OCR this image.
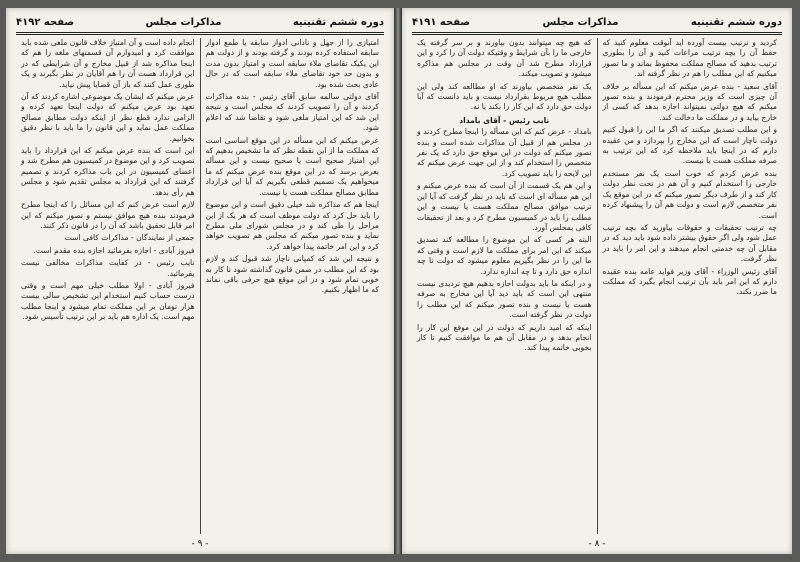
دوره ششم تقنينيه
مذاكرات مجلس
صفحه ۴۱۹۲
امتيازی را از جهل و نادانی ادوار سابقه یا طمع ادوار سابقه استفاده کرده بودند و گرفته بودند و از دولت هم این یکیک تقاضای ملاء سابقه است و امتیاز بدون مدت و بدون حد خود تقاضای ملاء سابقه است که در حال عادی بحث شده بود.
آقای دولتی سالمه سابق آقای رئیس - بنده مذاکرات کردند و آن را تصویب کردند که مجلس است و نتیجه این شد که این امتیاز ملغی شود و تقاضا شد که اعلام شود.
عرض میکنم که این مسأله در این موقع اساسی است که مملکت ما از این نقطه نظر که ما تشخیص بدهیم که این امتیاز صحیح است یا صحیح نیست و این مسأله بعرض برسد که در این موقع بنده عرض میکنم که ما میخواهیم یک تصمیم قطعی بگیریم که آیا این قرارداد مطابق مصالح مملکت هست یا نیست.
اینجا هم که مذاکره شد خیلی دقیق است و این موضوع را باید حل کرد که دولت موظف است که هر یک از این مراحل را طی کند و در مجلس شورای ملی مطرح نماید و بنده تصور میکنم که مجلس هم تصویب خواهد کرد و این امر خاتمه پیدا خواهد کرد.
و نتیجه این شد که کمپانی ناچار شد قبول کند و لازم بود که این مطلب در ضمن قانون گذاشته شود تا کار به خوبی تمام شود و در این موقع هیچ حرفی باقی نماند که ما اظهار بکنیم.
انجام داده است و آن امتیاز خلاف قانون ملغی شده باید موافقت کرد و امیدوارم آن قسمتهای ملغه را هم که اینجا مذاکره شد از قبیل مخارج و آن شرایطی که در این قرارداد هست آن را هم آقایان در نظر بگیرند و یک طوری عمل کنند که باز آن قضایا پیش نیاید.
عرض میکنم که ایشان یک موضوعی اشاره کردند که آن تعهد بود عرض میکنم که دولت اینجا تعهد کرده و الزامی ندارد قطع نظر از اینکه دولت مطابق مصالح مملکت عمل نماید و این قانون را ما باید با نظر دقیق بخوانیم.
این است که بنده عرض میکنم که این قرارداد را باید تصویب کرد و این موضوع در کمیسیون هم مطرح شد و اعضای کمیسیون در این باب مذاکره کردند و تصمیم گرفتند که این قرارداد به مجلس تقدیم شود و مجلس هم رأی بدهد.
لازم است عرض کنم که این مسائل را که اینجا مطرح فرمودند بنده هیچ موافق نیستم و تصور میکنم که این امر قابل تحقیق باشد که آن را در قانون ذکر کنند.
جمعی از نمایندگان - مذاکرات کافی است
فیروز آبادی - اجازه بفرمائید اجازه بنده مقدم است.
نایب رئیس - در کفایت مذاکرات مخالفی نیست بفرمائید.
فیروز آبادی - اولا مطلب خیلی مهم است و وقتی درست حساب کنیم استخدام این تشخیص سالی بیست هزار تومان بر این مملکت تمام میشود و اینجا مطلب مهم است. یک اداره هم باید بر این ترتیب تأسیس شود.
- ۹ -
دوره ششم تقنينيه
مذاكرات مجلس
صفحه ۴۱۹۱
کردید و ترتیب بیست آورده اید آنوقت معلوم کنید که حفظ آن را بچه ترتیب مراعات کنید و آن را بطوری ترتیب بدهید که مصالح مملکت محفوظ بماند و ما تصور میکنیم که این مطلب را هم در نظر گرفته اند.
آقای سعید - بنده عرض میکنم که این مسأله بر خلاف آن چیزی است که وزیر محترم فرمودند و بنده تصور میکنم که هیچ دولتی نمیتواند اجازه بدهد که کسی از خارج بیاید و در مملکت ما دخالت کند.
و این مطلب تصدیق میکنند که اگر ما این را قبول کنیم دولت ناچار است که این مخارج را بپردازد و من عقیده دارم که در اینجا باید ملاحظه کرد که این ترتیب به صرفه مملکت هست یا نیست.
بنده عرض کردم که خوب است یک نفر مستخدم خارجی را استخدام کنیم و آن هم در تحت نظر دولت کار کند و از طرف دیگر تصور میکنم که در این موقع یک نفر متخصص لازم است و دولت هم آن را پیشنهاد کرده است.
چه ترتیب تحقیقات و حقوقات بیاورید که بچه ترتیب عمل شود ولی اگر حقوق بیشتر داده شود باید دید که در مقابل آن چه خدمتی انجام میدهند و این امر را باید در نظر گرفت.
آقای رئیس الوزراء - آقای وزیر فواید عامه بنده عقیده دارم که این امر باید بآن ترتیب انجام بگیرد که مملکت ما ضرر نکند.
که هیچ چه میتوانند بدون بیاورند و بر سر گرفته یک خارجی ما را بآن شرایط و وقتیکه دولت آن را کرد و این قرارداد مطرح شد آن وقت در مجلس هم مذاکره میشود و تصویب میکند.
یک نفر متخصص بیاورند که او مطالعه کند ولی این مطلب هیچ مربوط بقرارداد نیست و باید دانست که آیا دولت حق دارد که این کار را بکند یا نه.
نایب رئیس - آقای بامداد
بامداد - عرض کنم که این مسأله را اینجا مطرح کردند و در مجلس هم از قبیل آن مذاکرات شده است و بنده تصور میکنم که دولت در این موقع حق دارد که یک نفر متخصص را استخدام کند و از این جهت عرض میکنم که این لایحه را باید تصویب کرد.
و این هم یک قسمت از آن است که بنده عرض میکنم و این هم مسأله ای است که باید در نظر گرفت که آیا این ترتیب موافق مصالح مملکت هست یا نیست و این مطلب را باید در کمیسیون مطرح کرد و بعد از تحقیقات کافی بمجلس آورد.
البته هر کسی که این موضوع را مطالعه کند تصدیق میکند که این امر برای مملکت ما لازم است و وقتی که ما این را در نظر بگیریم معلوم میشود که دولت تا چه اندازه حق دارد و تا چه اندازه ندارد.
و در اینکه ما باید بدولت اجازه بدهیم هیچ تردیدی نیست منتهی این است که باید دید آیا این مخارج به صرفه هست یا نیست و بنده تصور میکنم که این مطلب را دولت در نظر گرفته است.
اینکه که امید داریم که دولت در این موقع این کار را انجام بدهد و در مقابل آن هم ما موافقت کنیم تا کار بخوبی خاتمه پیدا کند.
- ۸ -
